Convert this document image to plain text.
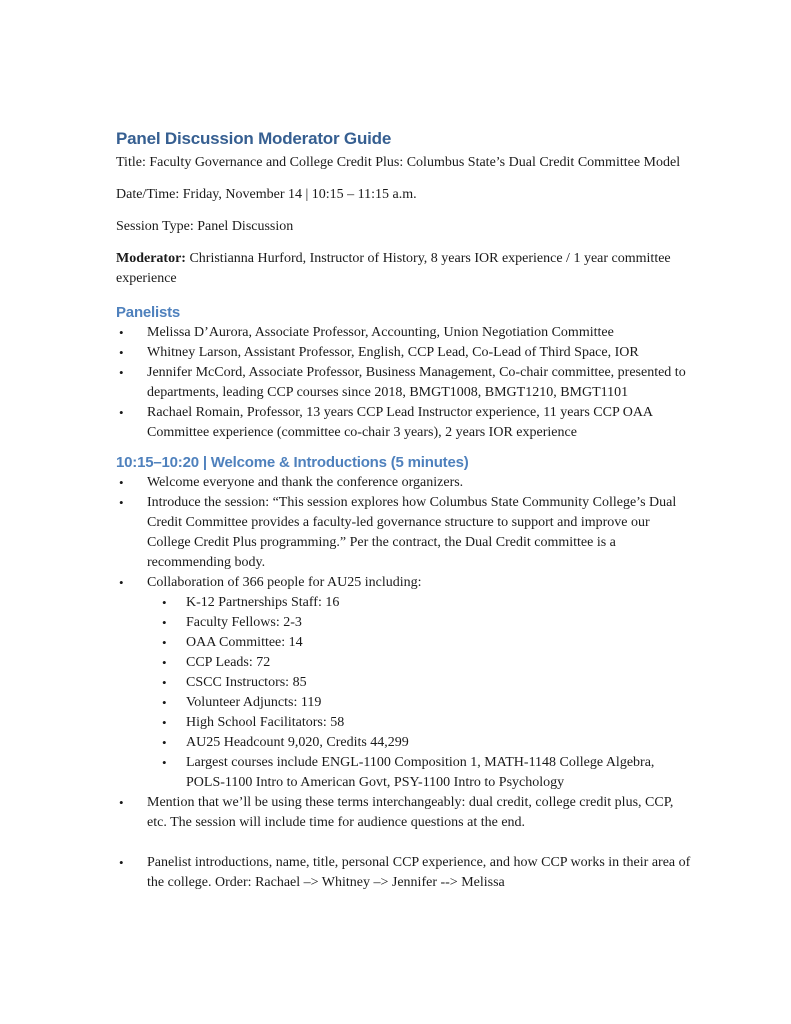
Panel Discussion Moderator Guide

Title: Faculty Governance and College Credit Plus: Columbus State’s Dual Credit Committee Model

Date/Time: Friday, November 14 | 10:15 – 11:15 a.m.

Session Type: Panel Discussion

Moderator: Christianna Hurford, Instructor of History, 8 years IOR experience / 1 year committee experience

Panelists
• Melissa D’Aurora, Associate Professor, Accounting, Union Negotiation Committee
• Whitney Larson, Assistant Professor, English, CCP Lead, Co-Lead of Third Space, IOR
• Jennifer McCord, Associate Professor, Business Management, Co-chair committee, presented to departments, leading CCP courses since 2018, BMGT1008, BMGT1210, BMGT1101
• Rachael Romain, Professor, 13 years CCP Lead Instructor experience, 11 years CCP OAA Committee experience (committee co-chair 3 years), 2 years IOR experience
10:15–10:20 | Welcome & Introductions (5 minutes)
• Welcome everyone and thank the conference organizers.
• Introduce the session: “This session explores how Columbus State Community College’s Dual Credit Committee provides a faculty-led governance structure to support and improve our College Credit Plus programming.” Per the contract, the Dual Credit committee is a recommending body.
• Collaboration of 366 people for AU25 including:
• K-12 Partnerships Staff: 16
• Faculty Fellows: 2-3
• OAA Committee: 14
• CCP Leads: 72
• CSCC Instructors: 85
• Volunteer Adjuncts: 119
• High School Facilitators: 58
• AU25 Headcount 9,020, Credits 44,299
• Largest courses include ENGL-1100 Composition 1, MATH-1148 College Algebra, POLS-1100 Intro to American Govt, PSY-1100 Intro to Psychology
• Mention that we’ll be using these terms interchangeably: dual credit, college credit plus, CCP, etc. The session will include time for audience questions at the end.
• Panelist introductions, name, title, personal CCP experience, and how CCP works in their area of the college. Order: Rachael –> Whitney –> Jennifer --> Melissa
